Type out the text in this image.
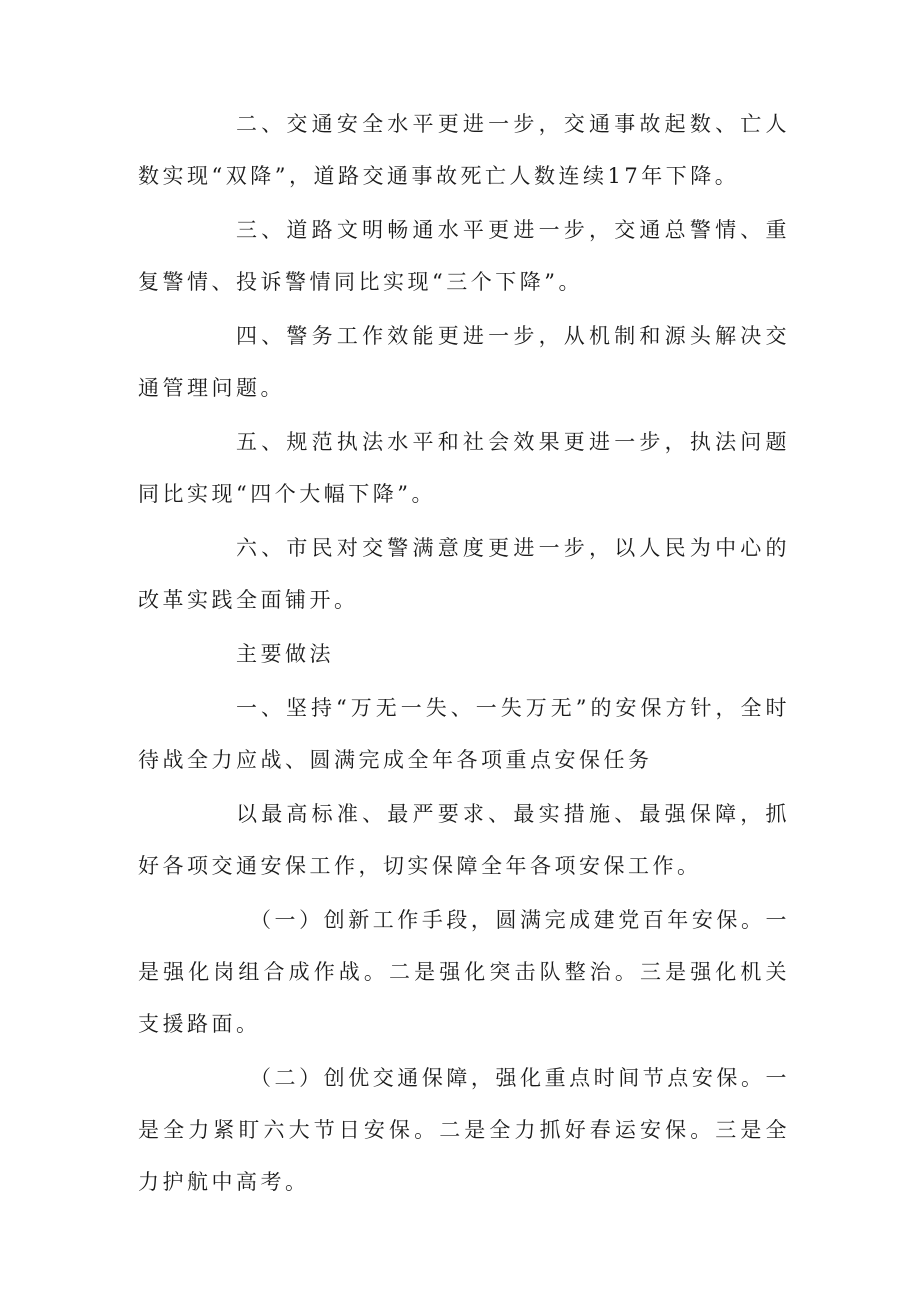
二、交通安全水平更进一步，交通事故起数、亡人数实现“双降”，道路交通事故死亡人数连续17年下降。

三、道路文明畅通水平更进一步，交通总警情、重复警情、投诉警情同比实现“三个下降”。

四、警务工作效能更进一步，从机制和源头解决交通管理问题。

五、规范执法水平和社会效果更进一步，执法问题同比实现“四个大幅下降”。

六、市民对交警满意度更进一步，以人民为中心的改革实践全面铺开。

主要做法

一、坚持“万无一失、一失万无”的安保方针，全时待战全力应战、圆满完成全年各项重点安保任务

以最高标准、最严要求、最实措施、最强保障，抓好各项交通安保工作，切实保障全年各项安保工作。

（一）创新工作手段，圆满完成建党百年安保。一是强化岗组合成作战。二是强化突击队整治。三是强化机关支援路面。

（二）创优交通保障，强化重点时间节点安保。一是全力紧盯六大节日安保。二是全力抓好春运安保。三是全力护航中高考。
